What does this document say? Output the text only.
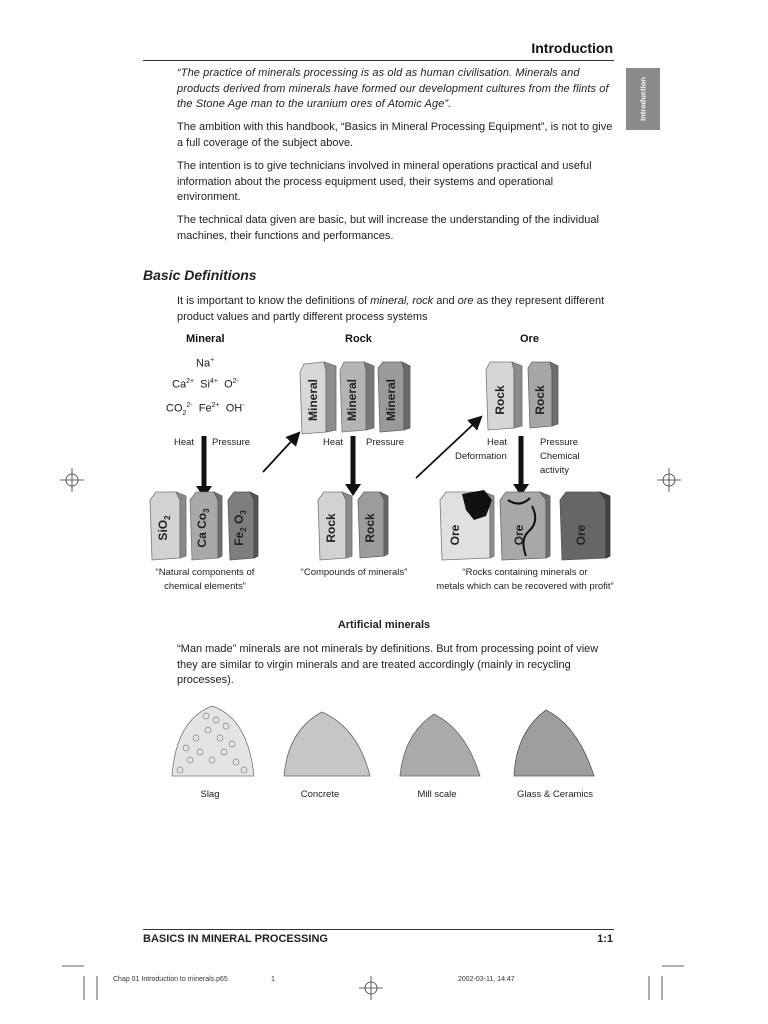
Introduction
Introduction
“The practice of minerals processing is as old as human civilisation. Minerals and products derived from minerals have formed our development cultures from the flints of the Stone Age man to the uranium ores of Atomic Age”.
The ambition with this handbook, “Basics in Mineral Processing Equipment”, is not to give a full coverage of the subject above.
The intention is to give technicians involved in mineral operations practical and useful information about the process equipment used, their systems and operational environment.
The technical data given are basic, but will increase the understanding of the individual machines, their functions and performances.
Basic Definitions
It is important to know the definitions of mineral, rock and ore as they represent different product values and partly different process systems
Mineral	Rock	Ore
Na+
$Ca^{2+}$ $Si^{4+}$ $O^{2-}$
$CO_2^{2-}$ $Fe^{2+}$ OH-
Heat Pressure	Heat Pressure	Heat
Deformation
Pressure
Chemical
activity
Mineral Mineral Mineral	Rock Rock
SiO$_2$ Ca $Co_3$
$Fe_2$ $O_3$
Rock Rock	Ore	Ore	Ore
“Natural components of
chemical elements”
“Compounds of minerals”	“Rocks containing minerals or
metals which can be recovered with profit”
Artificial minerals
“Man made” minerals are not minerals by definitions. But from processing point of view they are similar to virgin minerals and are treated accordingly (mainly in recycling processes).
Slag	Concrete	Mill scale	Glass & Ceramics
BASICS IN MINERAL PROCESSING	1:1
Chap 01 Introduction to minerals.p65	1	2002-03-11, 14:47
